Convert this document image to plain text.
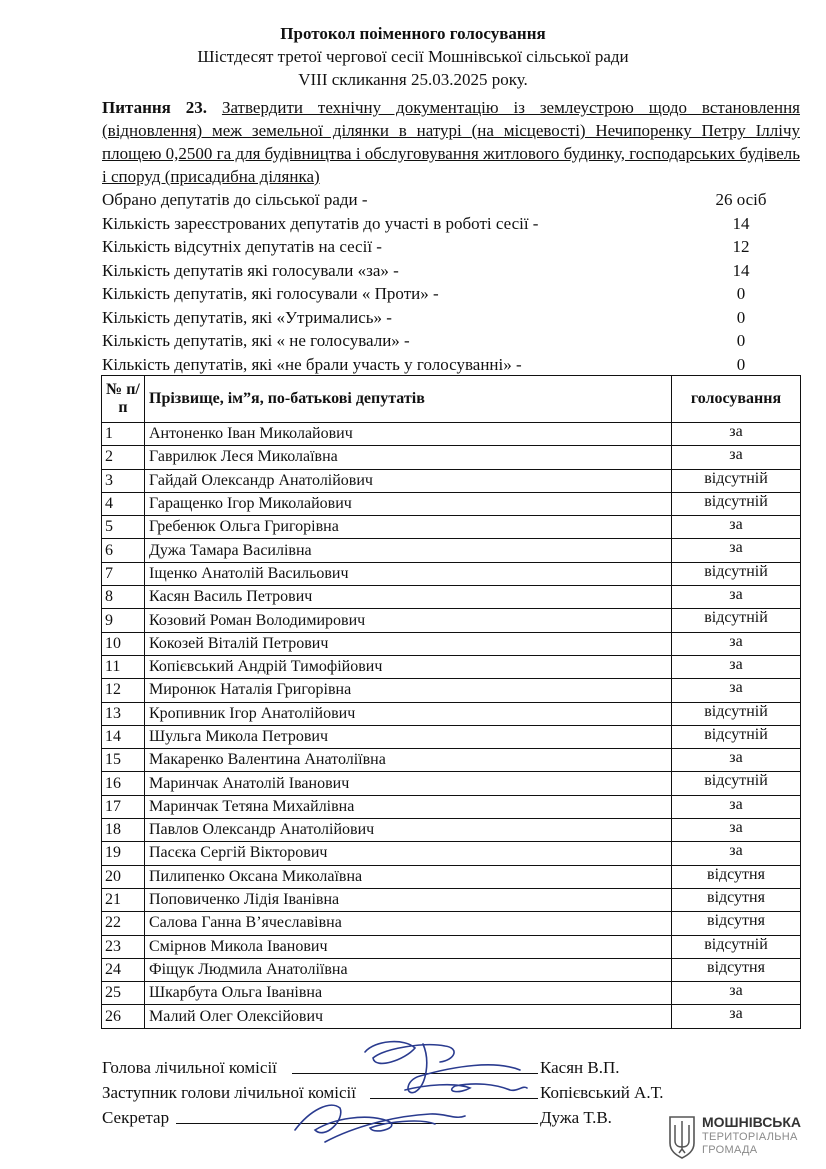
Протокол поіменного голосування
Шістдесят третої чергової сесії Мошнівської сільської ради
VIII скликання 25.03.2025 року.
Питання 23. Затвердити технічну документацію із землеустрою щодо встановлення (відновлення) меж земельної ділянки в натурі (на місцевості) Нечипоренку Петру Іллічу площею 0,2500 га для будівництва і обслуговування житлового будинку, господарських будівель і споруд (присадибна ділянка)
Обрано депутатів до сільської ради -	26 осіб
Кількість зареєстрованих депутатів до участі в роботі сесії -	14
Кількість відсутніх депутатів на сесії -	12
Кількість депутатів які голосували «за» -	14
Кількість депутатів, які голосували « Проти» -	0
Кількість депутатів, які «Утримались» -	0
Кількість депутатів, які « не голосували» -	0
Кількість депутатів, які «не брали участь у голосуванні» -	0
№ п/п	Прізвище, ім”я, по-батькові депутатів	голосування
1	Антоненко Іван Миколайович	за
2	Гаврилюк Леся Миколаївна	за
3	Гайдай Олександр Анатолійович	відсутній
4	Гаращенко Ігор Миколайович	відсутній
5	Гребенюк Ольга Григорівна	за
6	Дужа Тамара Василівна	за
7	Іщенко Анатолій Васильович	відсутній
8	Касян Василь Петрович	за
9	Козовий Роман Володимирович	відсутній
10	Кокозей Віталій Петрович	за
11	Копієвський Андрій Тимофійович	за
12	Миронюк Наталія Григорівна	за
13	Кропивник Ігор Анатолійович	відсутній
14	Шульга Микола Петрович	відсутній
15	Макаренко Валентина Анатоліївна	за
16	Маринчак Анатолій Іванович	відсутній
17	Маринчак Тетяна Михайлівна	за
18	Павлов Олександр Анатолійович	за
19	Пасєка Сергій Вікторович	за
20	Пилипенко Оксана Миколаївна	відсутня
21	Поповиченко Лідія Іванівна	відсутня
22	Салова Ганна В’ячеславівна	відсутня
23	Смірнов Микола Іванович	відсутній
24	Фіщук Людмила Анатоліївна	відсутня
25	Шкарбута Ольга Іванівна	за
26	Малий Олег Олексійович	за
Голова лічильної комісії	Касян В.П.
Заступник голови лічильної комісії	Копієвський А.Т.
Секретар	Дужа Т.В.	МОШНІВСЬКА
ТЕРИТОРІАЛЬНА
ГРОМАДА
